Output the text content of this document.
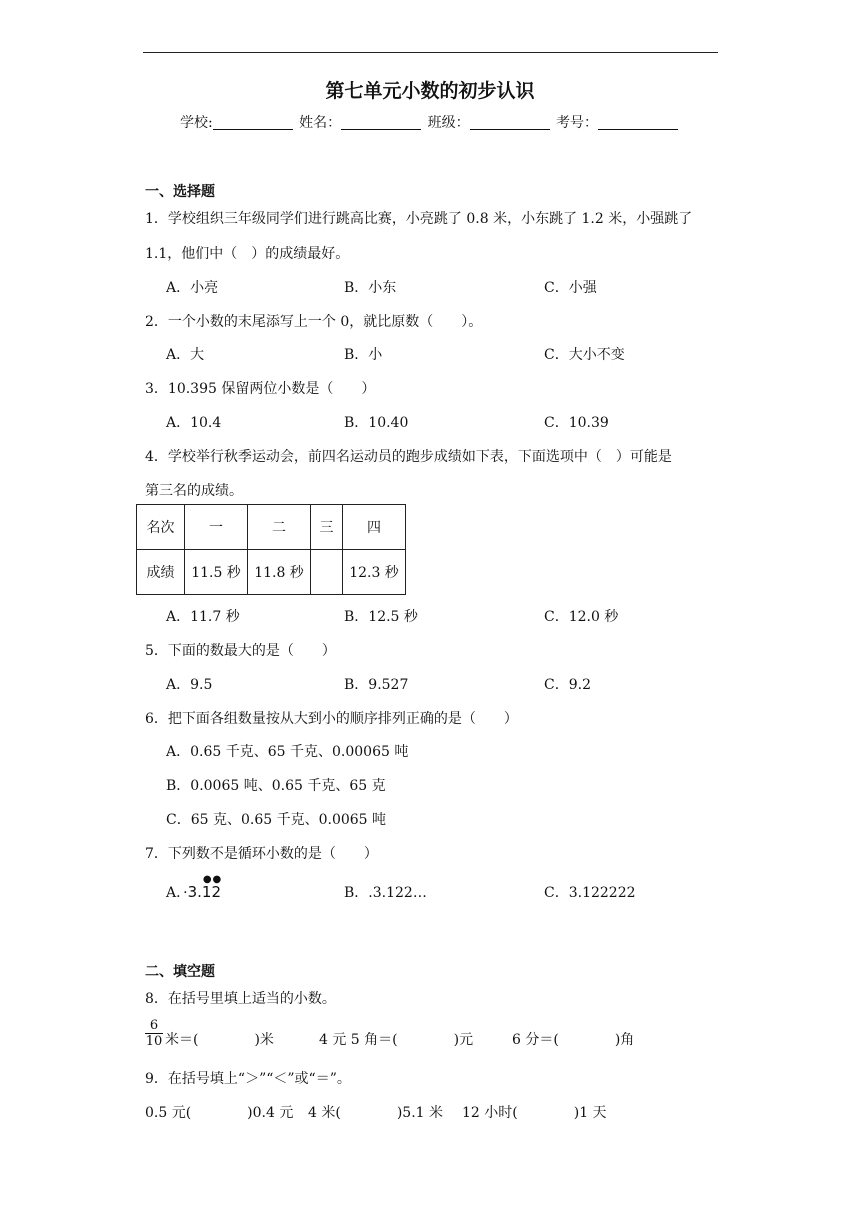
第七单元小数的初步认识
学校:	姓名：	班级：	考号：
一、选择题
1．学校组织三年级同学们进行跳高比赛，小亮跳了 0.8 米，小东跳了 1.2 米，小强跳了
1.1，他们中（　）的成绩最好。
A．小亮	B．小东	C．小强
2．一个小数的末尾添写上一个 0，就比原数（　　）。
A．大	B．小	C．大小不变
3．10.395 保留两位小数是（　　）
A．10.4	B．10.40	C．10.39
4．学校举行秋季运动会，前四名运动员的跑步成绩如下表，下面选项中（　）可能是
第三名的成绩。
名次	一	二	三	四
成绩	11.5 秒	11.8 秒		12.3 秒
A．11.7 秒	B．12.5 秒	C．12.0 秒
5．下面的数最大的是（　　）
A．9.5	B．9.527	C．9.2
6．把下面各组数量按从大到小的顺序排列正确的是（　　）
A．0.65 千克、65 千克、0.00065 吨
B．0.0065 吨、0.65 千克、65 克
C．65 克、0.65 千克、0.0065 吨
7．下列数不是循环小数的是（　　）
A．·3.
●
1
●
2	B．.3.122…	C．3.122222
二、填空题
8．在括号里填上适当的小数。
$\frac{6}{10}$ 米＝(　　　　)米	4 元 5 角＝(　　　　)元	6 分＝(　　　　)角
9．在括号填上“＞”“＜”或“＝”。
0.5 元(　　　　)0.4 元 4 米(　　　　)5.1 米 12 小时(　　　　)1 天
